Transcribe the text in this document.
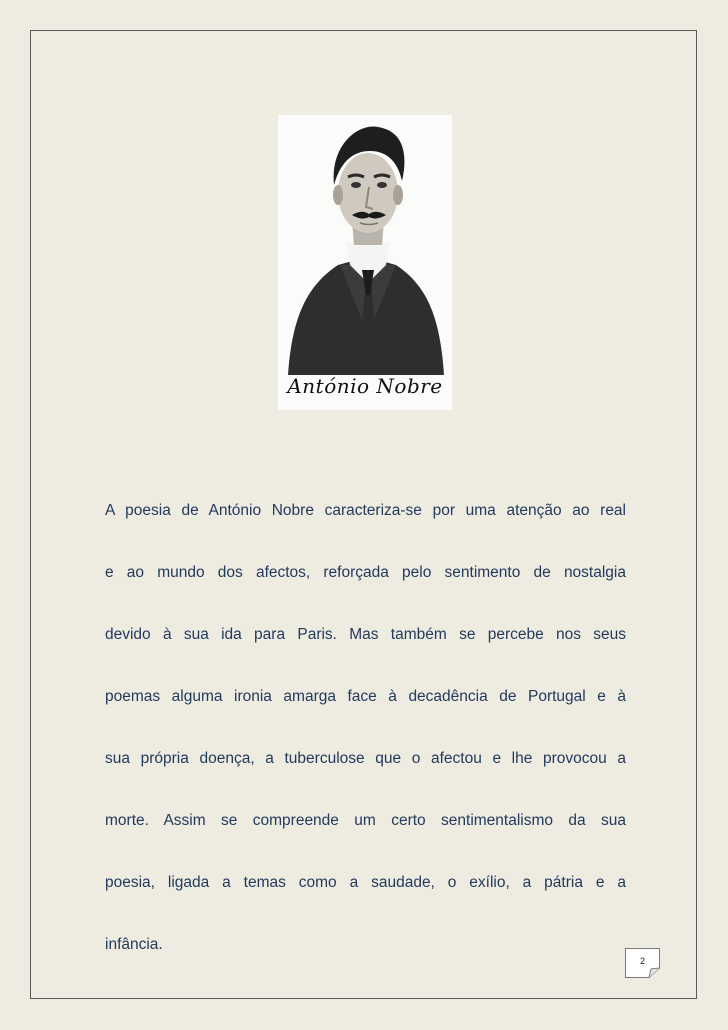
António Nobre
A poesia de António Nobre caracteriza-se por uma atenção ao real
e ao mundo dos afectos, reforçada pelo sentimento de nostalgia
devido à sua ida para Paris. Mas também se percebe nos seus
poemas alguma ironia amarga face à decadência de Portugal e à
sua própria doença, a tuberculose que o afectou e lhe provocou a
morte. Assim se compreende um certo sentimentalismo da sua
poesia, ligada a temas como a saudade, o exílio, a pátria e a
infância.
2
